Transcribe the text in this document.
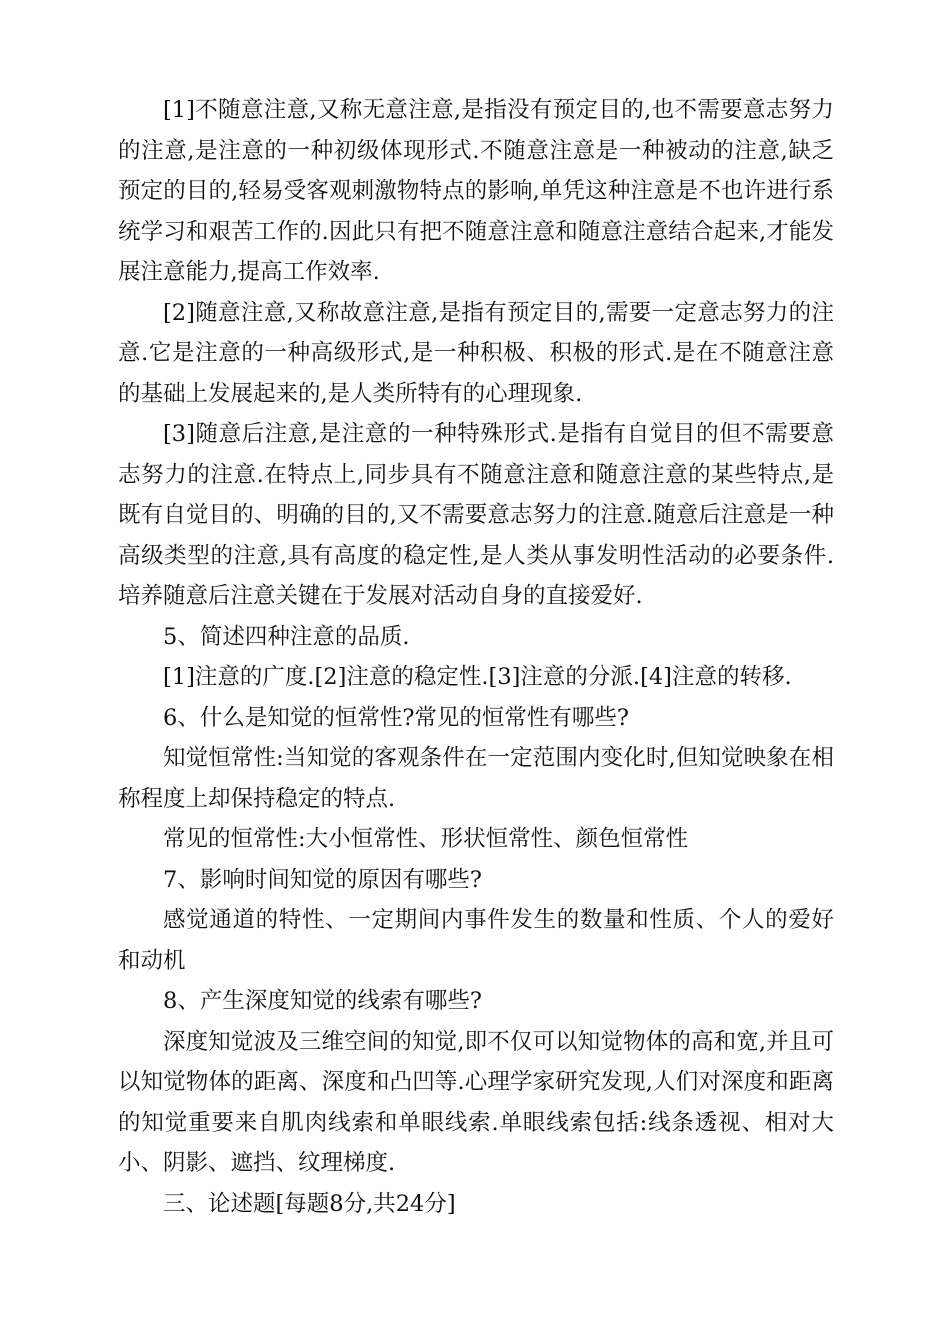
[1]不随意注意,又称无意注意,是指没有预定目的,也不需要意志努力的注意,是注意的一种初级体现形式.不随意注意是一种被动的注意,缺乏预定的目的,轻易受客观刺激物特点的影响,单凭这种注意是不也许进行系统学习和艰苦工作的.因此只有把不随意注意和随意注意结合起来,才能发展注意能力,提高工作效率.

[2]随意注意,又称故意注意,是指有预定目的,需要一定意志努力的注意.它是注意的一种高级形式,是一种积极、积极的形式.是在不随意注意的基础上发展起来的,是人类所特有的心理现象.

[3]随意后注意,是注意的一种特殊形式.是指有自觉目的但不需要意志努力的注意.在特点上,同步具有不随意注意和随意注意的某些特点,是既有自觉目的、明确的目的,又不需要意志努力的注意.随意后注意是一种高级类型的注意,具有高度的稳定性,是人类从事发明性活动的必要条件.培养随意后注意关键在于发展对活动自身的直接爱好.

5、简述四种注意的品质.

[1]注意的广度.[2]注意的稳定性.[3]注意的分派.[4]注意的转移.

6、什么是知觉的恒常性?常见的恒常性有哪些?

知觉恒常性:当知觉的客观条件在一定范围内变化时,但知觉映象在相称程度上却保持稳定的特点.

常见的恒常性:大小恒常性、形状恒常性、颜色恒常性

7、影响时间知觉的原因有哪些?

感觉通道的特性、一定期间内事件发生的数量和性质、个人的爱好和动机

8、产生深度知觉的线索有哪些?

深度知觉波及三维空间的知觉,即不仅可以知觉物体的高和宽,并且可以知觉物体的距离、深度和凸凹等.心理学家研究发现,人们对深度和距离的知觉重要来自肌肉线索和单眼线索.单眼线索包括:线条透视、相对大小、阴影、遮挡、纹理梯度.

三、论述题[每题8分,共24分]
